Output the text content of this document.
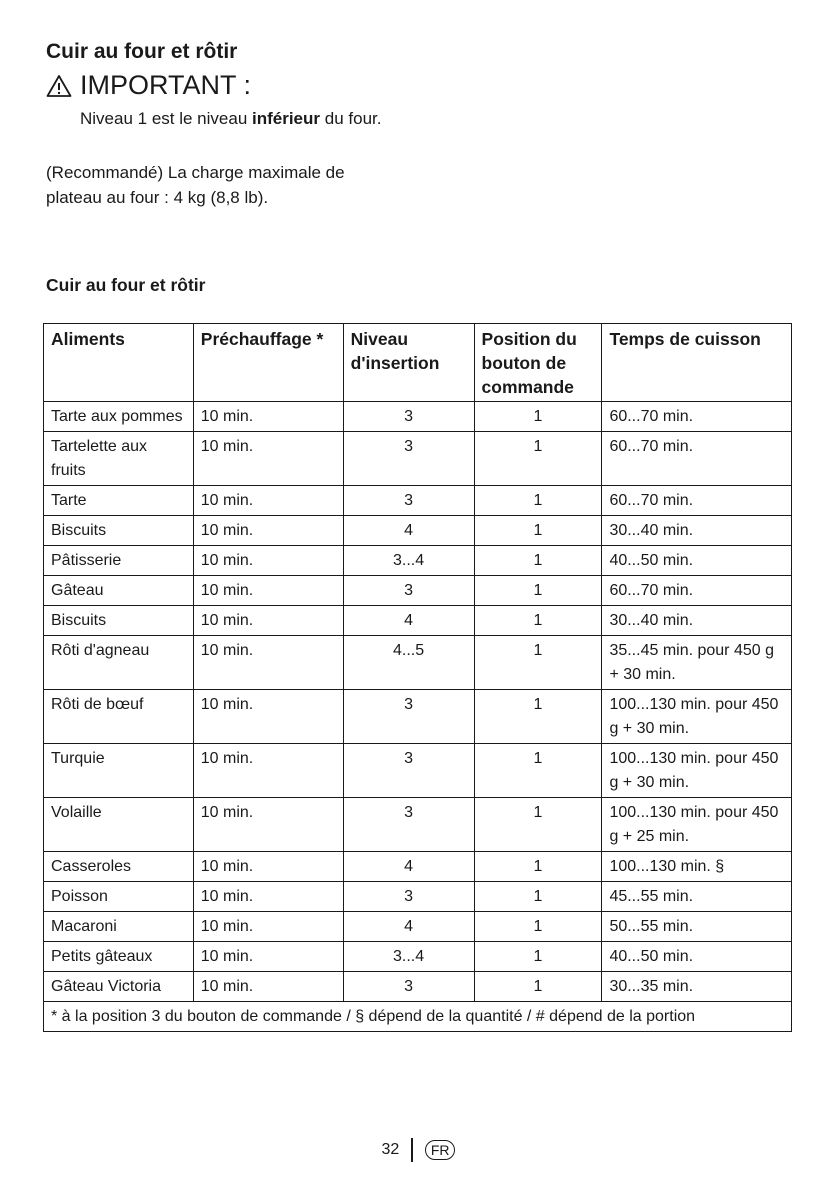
Cuir au four et rôtir
IMPORTANT :
Niveau 1 est le niveau inférieur du four.
(Recommandé) La charge maximale de plateau au four : 4 kg (8,8 lb).
Cuir au four et rôtir
Aliments	Préchauffage *	Niveau d'insertion	Position du bouton de commande	Temps de cuisson
Tarte aux pommes	10 min.	3	1	60...70 min.
Tartelette aux fruits	10 min.	3	1	60...70 min.
Tarte	10 min.	3	1	60...70 min.
Biscuits	10 min.	4	1	30...40 min.
Pâtisserie	10 min.	3...4	1	40...50 min.
Gâteau	10 min.	3	1	60...70 min.
Biscuits	10 min.	4	1	30...40 min.
Rôti d'agneau	10 min.	4...5	1	35...45 min. pour 450 g + 30 min.
Rôti de bœuf	10 min.	3	1	100...130 min. pour 450 g + 30 min.
Turquie	10 min.	3	1	100...130 min. pour 450 g + 30 min.
Volaille	10 min.	3	1	100...130 min. pour 450 g + 25 min.
Casseroles	10 min.	4	1	100...130 min. §
Poisson	10 min.	3	1	45...55 min.
Macaroni	10 min.	4	1	50...55 min.
Petits gâteaux	10 min.	3...4	1	40...50 min.
Gâteau Victoria	10 min.	3	1	30...35 min.
* à la position 3 du bouton de commande / § dépend de la quantité / # dépend de la portion				
32	FR
